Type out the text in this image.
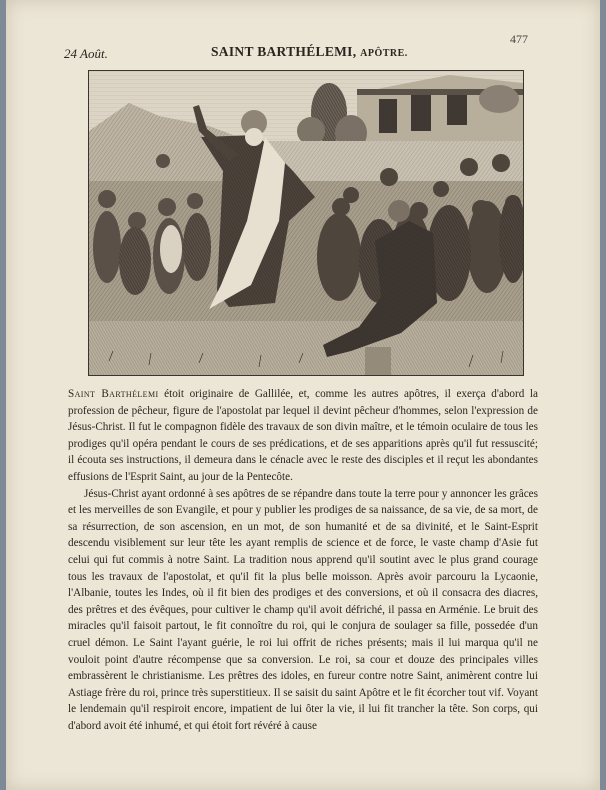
24 Août.	SAINT BARTHÉLEMI, APÔTRE.
477

Saint Barthélemi étoit originaire de Gallilée, et, comme les autres apôtres, il exerça d'abord la profession de pêcheur, figure de l'apostolat par lequel il devint pêcheur d'hommes, selon l'expression de Jésus-Christ. Il fut le compagnon fidèle des travaux de son divin maître, et le témoin oculaire de tous les prodiges qu'il opéra pendant le cours de ses prédications, et de ses apparitions après qu'il fut ressuscité; il écouta ses instructions, il demeura dans le cénacle avec le reste des disciples et il reçut les abondantes effusions de l'Esprit Saint, au jour de la Pentecôte.

Jésus-Christ ayant ordonné à ses apôtres de se répandre dans toute la terre pour y annoncer les grâces et les merveilles de son Evangile, et pour y publier les prodiges de sa naissance, de sa vie, de sa mort, de sa résurrection, de son ascension, en un mot, de son humanité et de sa divinité, et le Saint-Esprit descendu visiblement sur leur tête les ayant remplis de science et de force, le vaste champ d'Asie fut celui qui fut commis à notre Saint. La tradition nous apprend qu'il soutint avec le plus grand courage tous les travaux de l'apostolat, et qu'il fit la plus belle moisson. Après avoir parcouru la Lycaonie, l'Albanie, toutes les Indes, où il fit bien des prodiges et des conversions, et où il consacra des diacres, des prêtres et des évêques, pour cultiver le champ qu'il avoit défriché, il passa en Arménie. Le bruit des miracles qu'il faisoit partout, le fit connoître du roi, qui le conjura de soulager sa fille, possedée d'un cruel démon. Le Saint l'ayant guérie, le roi lui offrit de riches présents; mais il lui marqua qu'il ne vouloit point d'autre récompense que sa conversion. Le roi, sa cour et douze des principales villes embrassèrent le christianisme. Les prêtres des idoles, en fureur contre notre Saint, animèrent contre lui Astiage frère du roi, prince très superstitieux. Il se saisit du saint Apôtre et le fit écorcher tout vif. Voyant le lendemain qu'il respiroit encore, impatient de lui ôter la vie, il lui fit trancher la tête. Son corps, qui d'abord avoit été inhumé, et qui étoit fort révéré à cause
